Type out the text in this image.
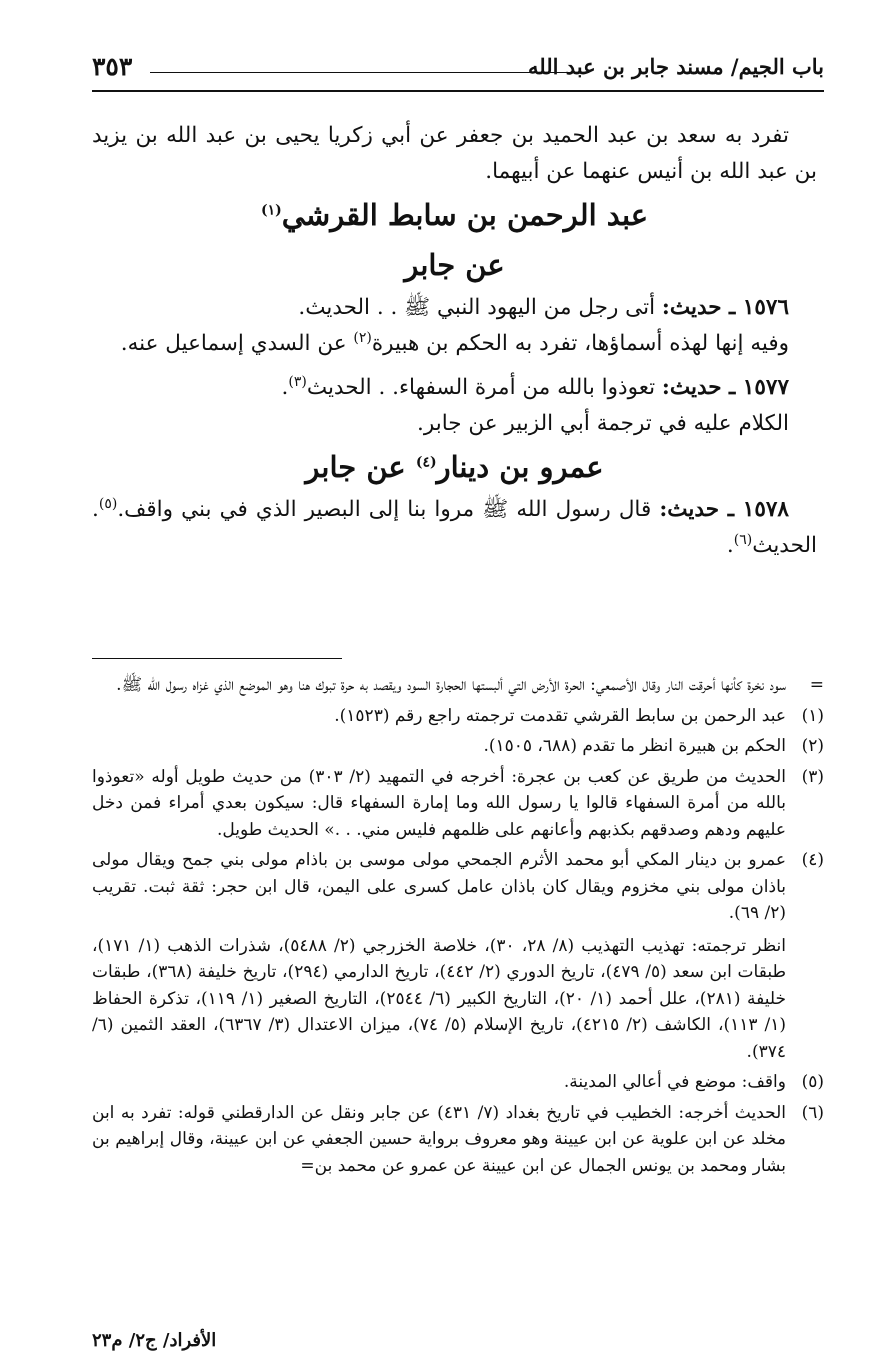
باب الجيم/ مسند جابر بن عبد الله
٣٥٣

تفرد به سعد بن عبد الحميد بن جعفر عن أبي زكريا يحيى بن عبد الله بن يزيد بن عبد الله بن أنيس عنهما عن أبيهما.

عبد الرحمن بن سابط القرشي$^{(١)}$

عن جابر

١٥٧٦ ـ حديث: أتى رجل من اليهود النبي ﷺ . . الحديث.

وفيه إنها لهذه أسماؤها، تفرد به الحكم بن هبيرة$^{(٢)}$ عن السدي إسماعيل عنه.

١٥٧٧ ـ حديث: تعوذوا بالله من أمرة السفهاء. . الحديث$^{(٣)}$.

الكلام عليه في ترجمة أبي الزبير عن جابر.

عمرو بن دينار$^{(٤)}$ عن جابر

١٥٧٨ ـ حديث: قال رسول الله ﷺ مروا بنا إلى البصير الذي في بني واقف.$^{(٥)}$. الحديث$^{(٦)}$.

=

سود نخرة كأنها أحرقت النار وقال الأصمعي: الحرة الأرض التي ألبستها الحجارة السود ويقصد به حرة تبوك هنا وهو الموضع الذي غزاه رسول الله ﷺ.

(١)

عبد الرحمن بن سابط القرشي تقدمت ترجمته راجع رقم (١٥٢٣).

(٢)

الحكم بن هبيرة انظر ما تقدم (٦٨٨، ١٥٠٥).

(٣)

الحديث من طريق عن كعب بن عجرة: أخرجه في التمهيد (٢/ ٣٠٣) من حديث طويل أوله «تعوذوا بالله من أمرة السفهاء قالوا يا رسول الله وما إمارة السفهاء قال: سيكون بعدي أمراء فمن دخل عليهم ودهم وصدقهم بكذبهم وأعانهم على ظلمهم فليس مني. . .» الحديث طويل.

(٤)

عمرو بن دينار المكي أبو محمد الأثرم الجمحي مولى موسى بن باذام مولى بني جمح ويقال مولى باذان مولى بني مخزوم ويقال كان باذان عامل كسرى على اليمن، قال ابن حجر: ثقة ثبت. تقريب (٢/ ٦٩).

انظر ترجمته: تهذيب التهذيب (٨/ ٢٨، ٣٠)، خلاصة الخزرجي (٢/ ٥٤٨٨)، شذرات الذهب (١/ ١٧١)، طبقات ابن سعد (٥/ ٤٧٩)، تاريخ الدوري (٢/ ٤٤٢)، تاريخ الدارمي (٢٩٤)، تاريخ خليفة (٣٦٨)، طبقات خليفة (٢٨١)، علل أحمد (١/ ٢٠)، التاريخ الكبير (٦/ ٢٥٤٤)، التاريخ الصغير (١/ ١١٩)، تذكرة الحفاظ (١/ ١١٣)، الكاشف (٢/ ٤٢١٥)، تاريخ الإسلام (٥/ ٧٤)، ميزان الاعتدال (٣/ ٦٣٦٧)، العقد الثمين (٦/ ٣٧٤).

(٥)

واقف: موضع في أعالي المدينة.

(٦)

الحديث أخرجه: الخطيب في تاريخ بغداد (٧/ ٤٣١) عن جابر ونقل عن الدارقطني قوله: تفرد به ابن مخلد عن ابن علوية عن ابن عيينة وهو معروف برواية حسين الجعفي عن ابن عيينة، وقال إبراهيم بن بشار ومحمد بن يونس الجمال عن ابن عيينة عن عمرو عن محمد بن=

الأفراد/ ج٢/ م٢٣
